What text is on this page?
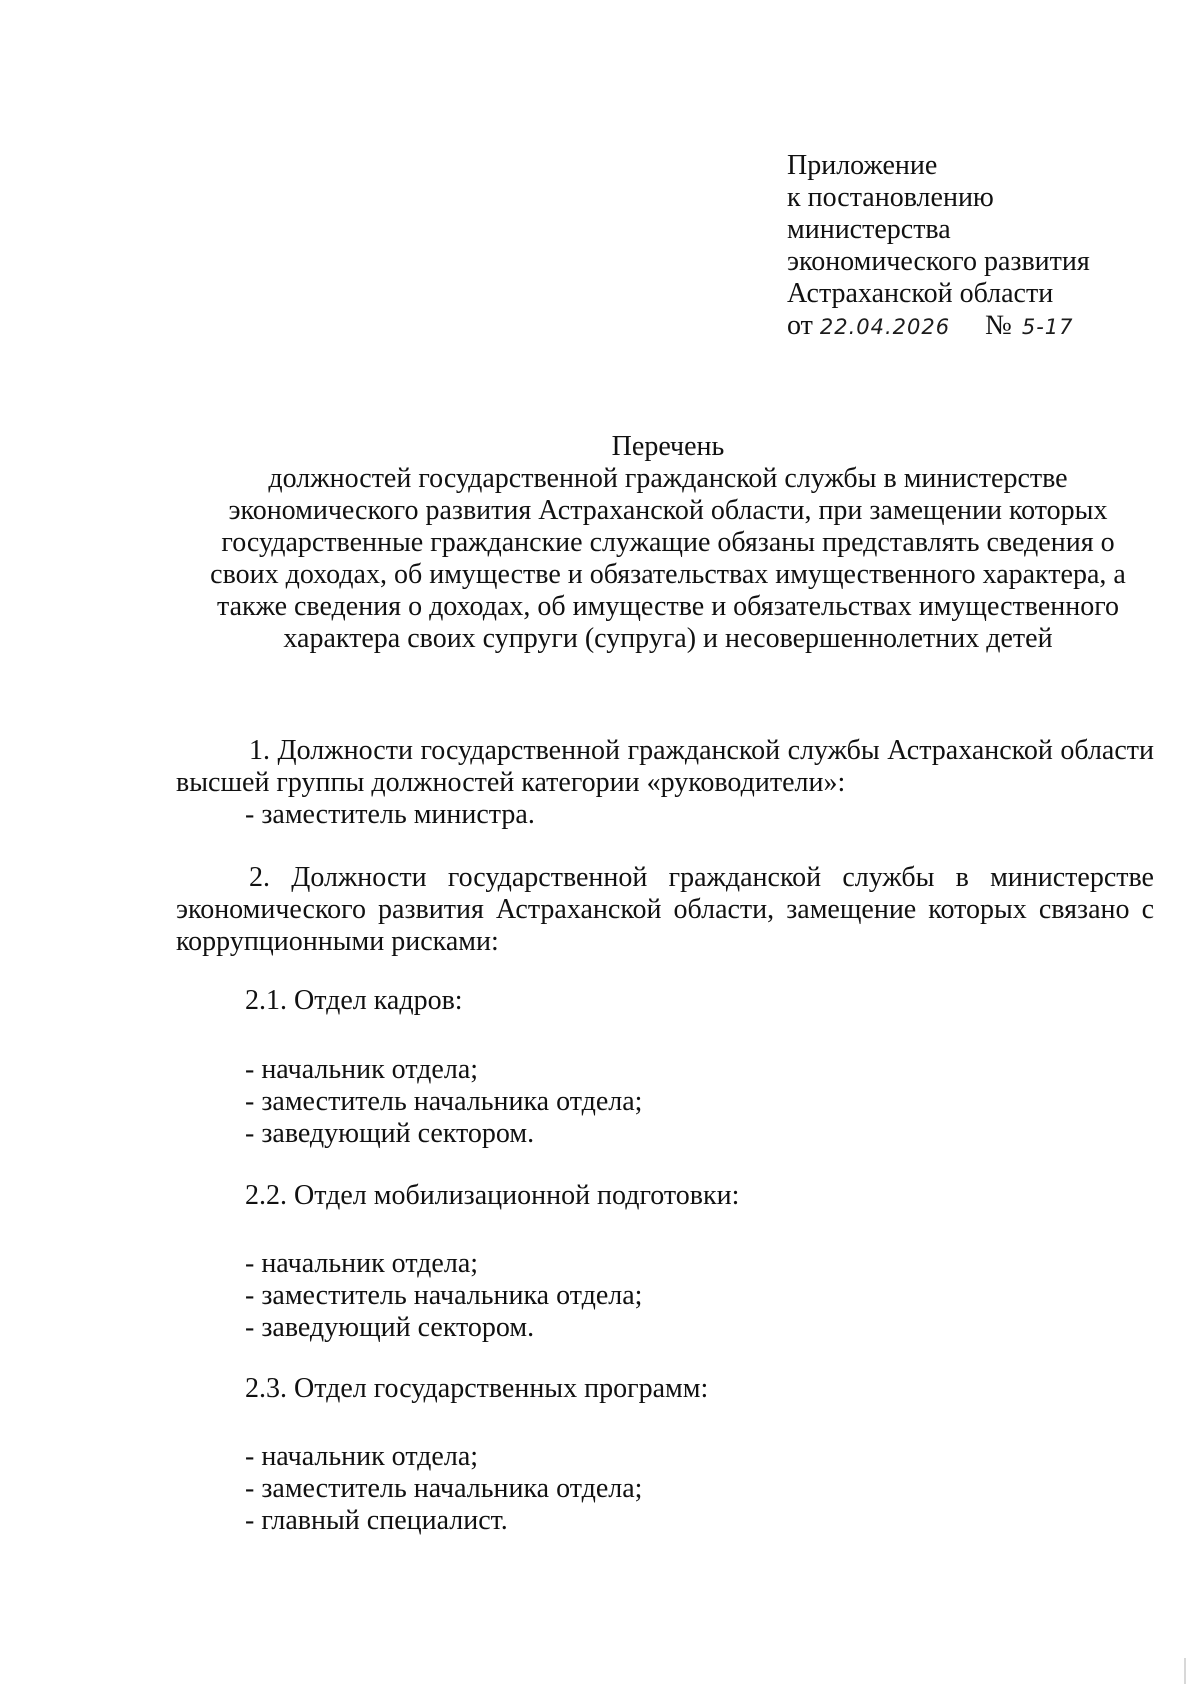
Приложение
к постановлению
министерства
экономического развития
Астраханской области
от 22.04.2026 № 5-17
Перечень
должностей государственной гражданской службы в министерстве
экономического развития Астраханской области, при замещении которых
государственные гражданские служащие обязаны представлять сведения о
своих доходах, об имуществе и обязательствах имущественного характера, а
также сведения о доходах, об имуществе и обязательствах имущественного
характера своих супруги (супруга) и несовершеннолетних детей

1. Должности государственной гражданской службы Астраханской области высшей группы должностей категории «руководители»:

- заместитель министра.

2. Должности государственной гражданской службы в министерстве экономического развития Астраханской области, замещение которых связано с коррупционными рисками:

2.1. Отдел кадров:
- начальник отдела;
- заместитель начальника отдела;
- заведующий сектором.
2.2. Отдел мобилизационной подготовки:
- начальник отдела;
- заместитель начальника отдела;
- заведующий сектором.
2.3. Отдел государственных программ:
- начальник отдела;
- заместитель начальника отдела;
- главный специалист.
